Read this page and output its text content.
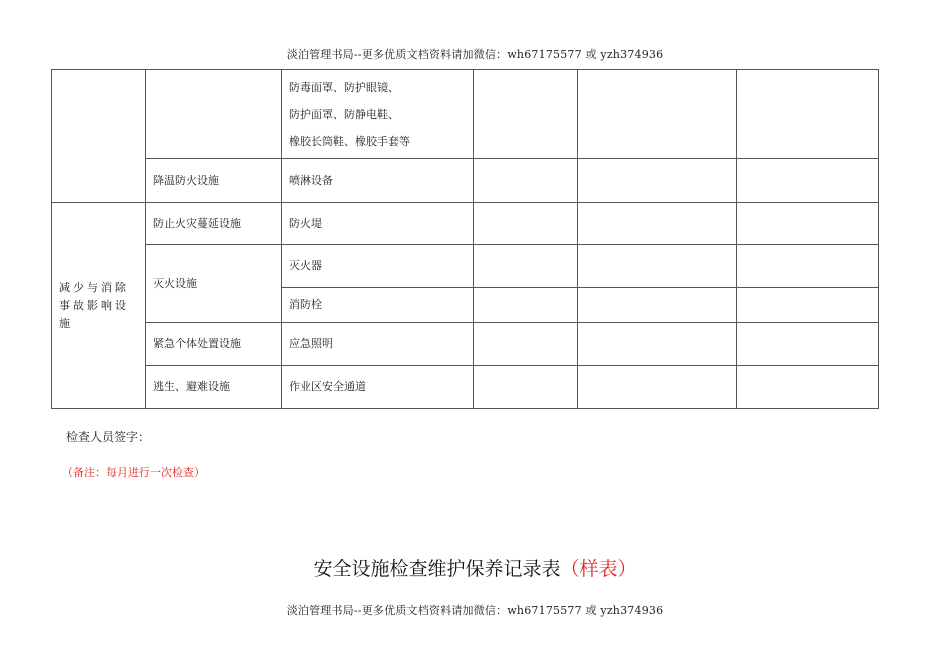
淡泊管理书局--更多优质文档资料请加微信：wh67175577 或 yzh374936

		防毒面罩、防护眼镜、
防护面罩、防静电鞋、
橡胶长筒鞋、橡胶手套等			

	降温防火设施	喷淋设备			
减少与消除事故影响设施	防止火灾蔓延设施	防火堤			
	灭火设施	灭火器			
		消防栓			
	紧急个体处置设施	应急照明			
	逃生、避难设施	作业区安全通道			
检查人员签字：
（备注：每月进行一次检查）
安全设施检查维护保养记录表（样表）
淡泊管理书局--更多优质文档资料请加微信：wh67175577 或 yzh374936
